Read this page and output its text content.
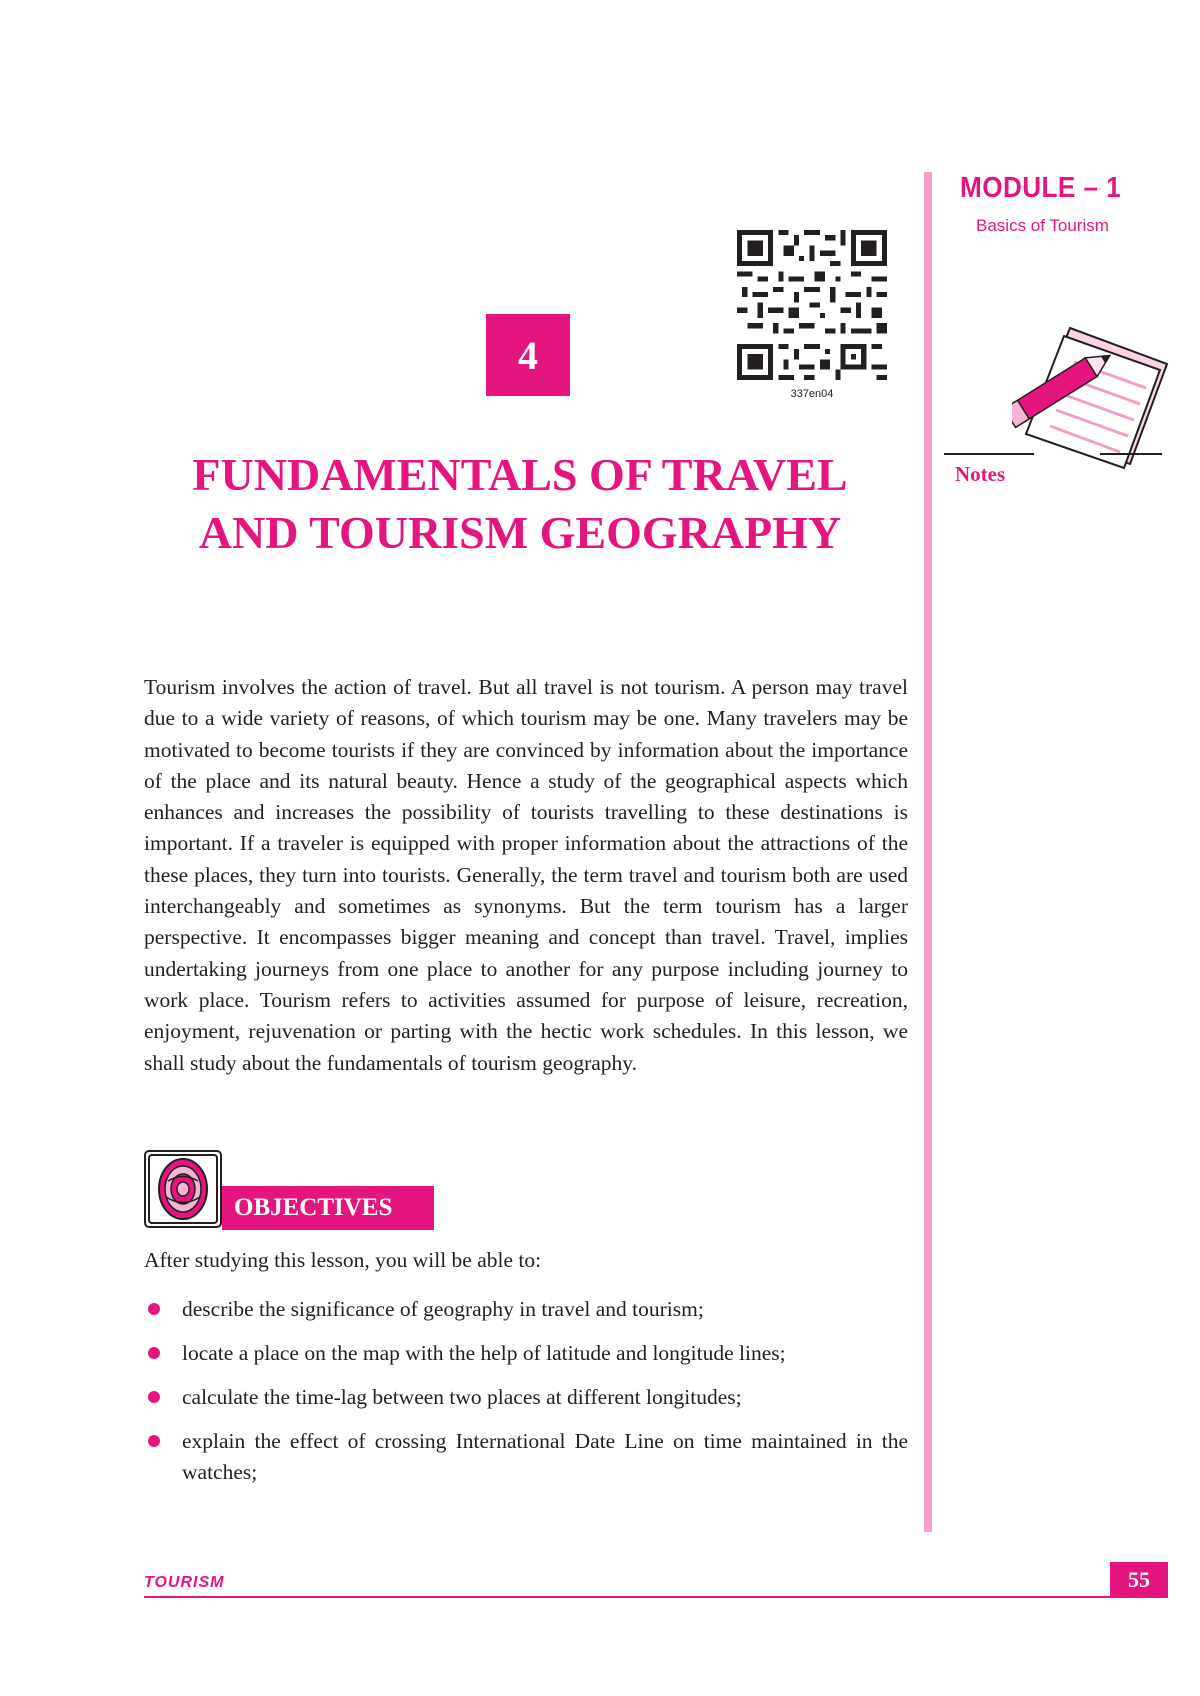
MODULE – 1
Basics of Tourism
Notes
4
337en04
FUNDAMENTALS OF TRAVEL
AND TOURISM GEOGRAPHY

Tourism involves the action of travel. But all travel is not tourism. A person may travel due to a wide variety of reasons, of which tourism may be one. Many travelers may be motivated to become tourists if they are convinced by information about the importance of the place and its natural beauty. Hence a study of the geographical aspects which enhances and increases the possibility of tourists travelling to these destinations is important. If a traveler is equipped with proper information about the attractions of the these places, they turn into tourists. Generally, the term travel and tourism both are used interchangeably and sometimes as synonyms. But the term tourism has a larger perspective. It encompasses bigger meaning and concept than travel. Travel, implies undertaking journeys from one place to another for any purpose including journey to work place. Tourism refers to activities assumed for purpose of leisure, recreation, enjoyment, rejuvenation or parting with the hectic work schedules. In this lesson, we shall study about the fundamentals of tourism geography.

OBJECTIVES
After studying this lesson, you will be able to:
describe the significance of geography in travel and tourism;
locate a place on the map with the help of latitude and longitude lines;
calculate the time-lag between two places at different longitudes;
explain the effect of crossing International Date Line on time maintained in the watches;
TOURISM	55
